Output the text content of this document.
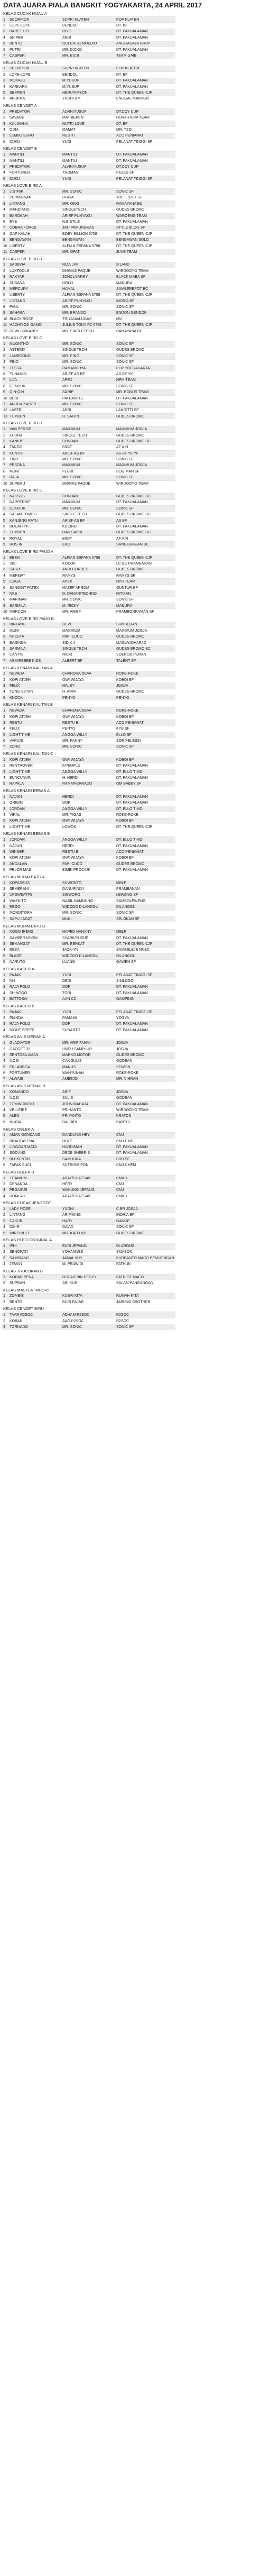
DATA JUARA PIALA BANGKIT YOGYAKARTA, 24 APRIL 2017
KELAS CUCAK HIJAU A
1	SCORPION	SUPRI KLATEN	POP KLATEN
2	LOPE-LOPE	BENDOL	DT. BF
3	BARET IJO	RIYO	DT. PAKUALAMAN
4	SNIPER	ANDI	DT. PAKUALAMAN
5	BENTO	GOLBHI AZMOEDIO	ANGGASAYA GRUP
6	PUTRI	MR. DICKO	DT. PAKUALAMAN
7	CASPER	MR. BUDI	TEAM GAIB
KELAS CUCAK HIJAU B
1	SCORPION	SUPRI KLATEN	POP KLATEN
2	LOPE-LOPE	BENDOL	DT. BF
3	MOKAZU	M.YUSUF	DT. PAKUALAMAN
4	KARKARA	M.YUSUF	DT. PAKUALAMAN
5	SEMPER	HERU/AMBON	DT. THE QUEEN CJP
6	ARUKNA	YUDHI BM	ENGGAL MAKMUR
KELAS CENDET A
1	PREDATOR	ALVIN/YUSUF	DT.COY CUP
2	SAVAGE	MAT BEKEN	HURA-HURA TEAM
3	KALIMANA	NUTRI LOVE	DT. BF
4	ODIA	MAMAT	MR. TSO
5	LEMBU SURO	RESTU	ACO PENIANAT
6	DUKU	YUDI	PELANAT TINGGI SF
KELAS CENDET B
1	MANTILI	MANTILI	DT. PAKUALAMAN
2	MANTILI	MANTILI	DT. PAKUALAMAN
3	PREDATOR	ALVIN/YUSUF	DT.COY CUP
4	FORTUNER	THOMAS	PEZES SF
5	DUKU	YUDI	PELANAT TINGGI SF
KELAS LOVE BIRD A
1	LISTRIK	MR. SONIC	SONIC SF
2	PERMAINAN	DHIKA	TOET-TOET SF
3	LINTANG	MR. OKKI	RAMAYANA BC
4	MANDIANO	SINGLETECH	GUDES BROMO
5	BAROKAH	ARIEF PUNYAKU	WAROENG TEAM
6	EYE	N.B STILE	DT. PAKUALAMAN
7	COBRA FORCE	JATI PAMUNGKAS	STYLE BLOG SF
8	GAP KALAH	BOBY BILLION 5758	DT. THE QUEEN CJP
9	BENGAWAN	BENGAWAN	BENGAWAN SOLO
10	LIBERTY	ALFIAN ESPANA 5758	DT. THE QUEEN CJP
11	CASPER	MR. OPAT	JUVE TEAM
KELAS LOVE BIRD B
1	SADEWA	RIZA LPFI	D'LAND
2	LUXTOOLS	DHIMAS PAQUE	WIRDOOYO TEAM
3	RAKYAR	JOHOL/JARRY	BLACK MABA SF
4	SUSANA	HOLLI	MADURA
5	MERCURY	HAMAL	SAMBEREPOT BC
6	LIBERTY	ALFIAN ESPANA 5758	DT. THE QUEEN CJP
7	LINTANG	ARIEF PUNYAKU	INDRIA BF
8	PAUL	MR. SONIC	SONIC SF
9	SAHARA	MR. BRANDO	ENDON GENDOK
10	BLACK ROSE	TRIYANA/LUGAS	NN
11	HACHIYOJI GAMO	JULIUS TONY FC 5758	DT. THE QUEEN CJP
12	DEWI SRIKANDI	MR. SINGLETECH	RAMAYANA BC
KELAS LOVE BIRD C
1	MUONTHO	MR. SONIC	SONIC SF
2	ASTERIX	SINGLE TECH	GUDES BROMO
3	JAMBOONG	MR. PINO	SONIC SF
4	PINO	MR. SONIC	SONIC SF
5	TESSA	RAMANDHYA	POP YOGYAKARTA
6	TUNAMIN	ARIEF AS BF	AS BF YK
7	LIJA	APEX	NPM TEAM
8	GENDUK	MR. SONIC	SONIC SF
9	QIN-QIN	SARIP	MR. BONUS TEAM
10	BUDI	PAI BANTUL	DT. PAKUALAMAN
11	ANDHAP ASOR	MR. SONIC	SONIC SF
12	LASTRI	ADRI	LANGITTI SF
13	TUMBEN	H. SAFIIN	GUDES BROMO
KELAS LOVE BIRD D
1	VAN PERSIE	MAXIMUM	MAXIMUM JOGJA
2	KUDRA	SINGLE TECH	GUDES BROMO
3	KANIUS	BONDAM	GUDES BROMO BC
4	TANGO	BIGIT	AF A.N
5	KUNTHI	ARIEF AS BF	AS BF YK YF
6	TINO	MR. SONIC	SONIC SF
7	PESONA	MAXIMUM	MAXIMUM JOGJA
8	MUNI	FEBRI	BOGIMAN SF
9	RAJA	MR. SONIC	SONIC SF
10	SUPER J	DHIMAS PAQUE	WIRDOOYO TEAM
KELAS LOVE BIRD E
1	NAKSUS	BONDAM	GUDES BROMO BC
2	NAPPERSIE	MAXIMUM	DT. PAKUALAMAN
3	GENDUK	MR. SONIC	SONIC SF
4	SALAM TOMPO	SINGLE TECH	GUDES BROMO BC
5	KANJENG RATU	ARIEF AS BF	AS BF
6	BOCAH YK	KUCING	DT. PAKUALAMAN
7	TUMBEN	OAK SAPRI	GUDES BROMO BC
8	ROYAL	BIGIT	AF A.N
9	ROS-IN	EKO	SANGGRAHAN BC
KELAS LOVE BIRD PAUD A
1	EBEH	ALFIAN ESPANA 5758	DT. THE QUEEN CJP
2	SISI	KODOK	LC BC PRAMBANAN
3	SASUL	ANDI GONDES	GUDES BROMO
4	MERMAT	RAMYS	RAMYS SF
5	LUIGA	APEX	NPH TEAM
6	SANGGIT PATEX	HAZEP ARROM	GUNTUR BF
7	NKE	D. DANAR/TECHNO	NITIKAN
8	MARIMAR	MR. SONIC	SONIC SF
9	SARMILA	M. RICKY	MADURA
10	MERCON	MR. ARIEF	PRAMBORRAMAN SF
KELAS LOVE BIRD PAUD B
1	BINTANG	DEVI	SUMBERAN
2	MUNI	MAXIMUM	MAXIMUM JOGJA
3	NPESTA	PAPI CUCO	GUDES BROMO
4	BAGINDA	SIDIK J	MAGUWOHARJO
5	SARMILA	SINGLE TECH	GUDES BROMO BC
6	CANTIK	NICKI	SOERODIPURAN
7	ASMIRBEEE KIDS	ALBERT BF	TALENT SF
KELAS KENARI KALITAN A
1	NEVADA	CHANDRA/DEVA	ROKE-ROKE
2	KOPI ATJEH	OWI WIJAYA	KOBOI BF
3	FELIX	HALEY	JOGJA
4	TONG SETAN	H. AMRI	GUDES BROMO
5	KNOCK	PENYO	PENYO
KELAS KENARI KALITAN B
1	NEVADA	CHANDRA/DEVA	ROKE-ROKE
2	KOPI ATJEH	OWI WIJAYA	KOBOI BF
3	RESTU	RESTU B	ACO PENIANAT
4	FELIX	PENYO	KYB SF
5	LIGHT TIME	ANGGA WILLY	ELLO SF
6	VARIUS	MR. FANNY	SOR PELESSI
7	ZORO	MR. SONIC	SONIC SF
KELAS KENARI KALITAN C
1	KOPI ATJEH	OWI WIJAYA	KOBOI BF
2	RENTROVER	F.PEOPLE	DT. PAKUALAMAN
3	LIGHT TIME	ANGGA WILLY	DT. ELLO TIMO
4	BUNCUNUR	H. HERDI	DT. PAKUALAMAN
5	RAPALA	RAMA/FERNADO	OM BABEY SF
KELAS KENARI BEBAS A
1	NAJUN	HERDI	DT. PAKUALAMAN
2	ORIGIN	DOP	DT. PAKUALAMAN
3	JORDAN	ANGGA WILLY	DT. ELLO TIMO
4	VIRAL	MR. TIGAS	ROKE-ROKE
5	KOPI ATJEH	OWI WIJAYA	KOBOI BF
6	LIGHT TIME	LOWOK	DT. THE QUEEN CJP
KELAS KENARI BEBAS B
1	JORDAN	ANGGA WILLY	DT. ELLO TIMO
2	NAJUN	HERDI	DT. PAKUALAMAN
3	WINNER	RESTU B	ACO PENIANAT
4	KOPI ATJEH	OWI WIJAYA	KOBOI BF
5	ANDALAN	PAPI CUCO	GUDES BROMO
6	PELOR MAS	BIMBI PROCIUK	DT. PAKUALAMAN
KELAS MURAI BATU A
1	KOPASSUS	SUWONTO	MBLP
2	SEMBRANI	DANURINDY	PRAMBANAN
3	UPSWEATPS	SISWORO	LEWENG SF
4	WASKITO	NABIL NAMNUNG	SAMBOLEWENG
5	REGO	WIDODO DILANGGU	DILANGGU
6	MONDITORA	MR. SONIC	SONIC SF
7	SAPU JAGAT	MUKI	SELOKAN SF
KELAS MURAI BATU B
1	NOGO IRENG	HAPED HANANY	MBLP
2	SAMBER NYOW	SYARK/YUSUF	DT. PAKUALAMAN
3	SEMANGAT	MR. BERKAT	DT. THE QUEEN CJP
4	REZA	JACK-YN	SAMBELEJE NNBC
5	BLADE	WIDODO DILANGGU	DILANGGU
6	NARUTO	LUANG	GAWEN SF
KELAS KACER A
1	PAJAK	YUDI	PELANAT TINGGI SF
2	NH	DEDI	SIMLOGO
3	RAJA POLO	DOP	DT. PAKUALAMAN
4	SHINGGO	TORI	DT. PAKUALAMAN
5	BATTOSAI	AAN CC	GAMPING
KELAS KACER B
1	PAJAK	YUDI	PELANAT TINGGI SF
2	PIANDA	PAMAMI	YOGYA
3	RAJA POLO	DOP	DT. PAKUALAMAN
4	NIGHT SPEED	SUNARTO	DT. PAKUALAMAN
KELAS ANIS MERAH A
1	GLADIATOR	MR. ARIF FAHMI	JOGJA
2	GADGET 33	UNDU SAMPLUR	JOGJA
3	SENTOSA AMAN	MARKO MOTOR	GUDES BROMO
4	ILOSI	CAK SULIS	GODEAN
5	ERLANGGA	MANUS	SEWON
6	FORTUNER	WAHYUNAH	ROKE-ROKE
7	ALWASI	AMBEJO	MR. VIHRAN
KELAS ANIS MERAH B
1	KOMANDO	ARIF	JOGJA
2	ILOSI	SULIS	GODEAN
3	TOMINGINTIO	JOHN MAHAJA	DT. PAKUALAMAN
4	VELLFIRE	PRIHANTO	WIRDOOYO TEAM
5	ALEN	PRIYANTO	KRATON
6	MURIA	DALDIRI	BANTUL
KELAS OBLEK A
1	AMAN GONDANG	DANDUNG HEY	CMJ
2	BRAHTASENA	OBLE	CMJ CMF
3	LINGGAR MATA	HARDIMAN	DT. PAKUALAMAN
4	SODUNG	DEDE SHEBRIS	DT. PAKUALAMAN
5	BLEKENTIR	SAMUDRA	BDB SF
6	TAPAK SUCI	SUTRIS/SIPON	CMJ CMFM
KELAS OBLEK B
1	TITANIUM	ABAY/CHAESAR	CMKB
2	DENANDA	HERY	CMJ
3	PEGASUS	WAKUNG JEPANG	CMJ
4	ROMLAH	ABAY/CHAESAR	CMKB
KELAS CUCAK JENGGOT
1	LADY ROSE	YUDHI	C.BR JOGJA
2	LINTANG	ARIF/KING	INDRIA BF
3	CAKUR	HARY	GANGE
4	DIKIR	DAVID	SONIC SF
5	WIRO BULE	MR. KATO IRL	GUDES BROMO
KELAS PLECI ORIGINAL A
1	IPHI	BUDI JEPANG	DLARONG
2	SENOPATI	YOHANNES	SMASON
3	SAMIRANG	JAMAL M.R	PURBANTO MACO PEMUONGAN
4	JEMAN	M. PRAWIDI	PATHUK
KELAS TRUCUKAN B
1	NOBAR PENA	OSCAR BIN DEDYY	PATRIOT MACO
2	SUPRAN	ARI KUS	SALAM PANGANGAN
KELAS MASTER IMPORT
1	ZOMBIE	KUSAI KITA	RUMAH KITA
2	BENTO	BUDI FAJAR	JABUNG BROTHER
KELAS CENDET BIRU
1	TAAR R2SOC	ADHAM R2SOC	R2SOC
2	KOBAR	AAG R2SOC	R2SOC
3	TORNADO	MR. SONIC	SONIC SF
